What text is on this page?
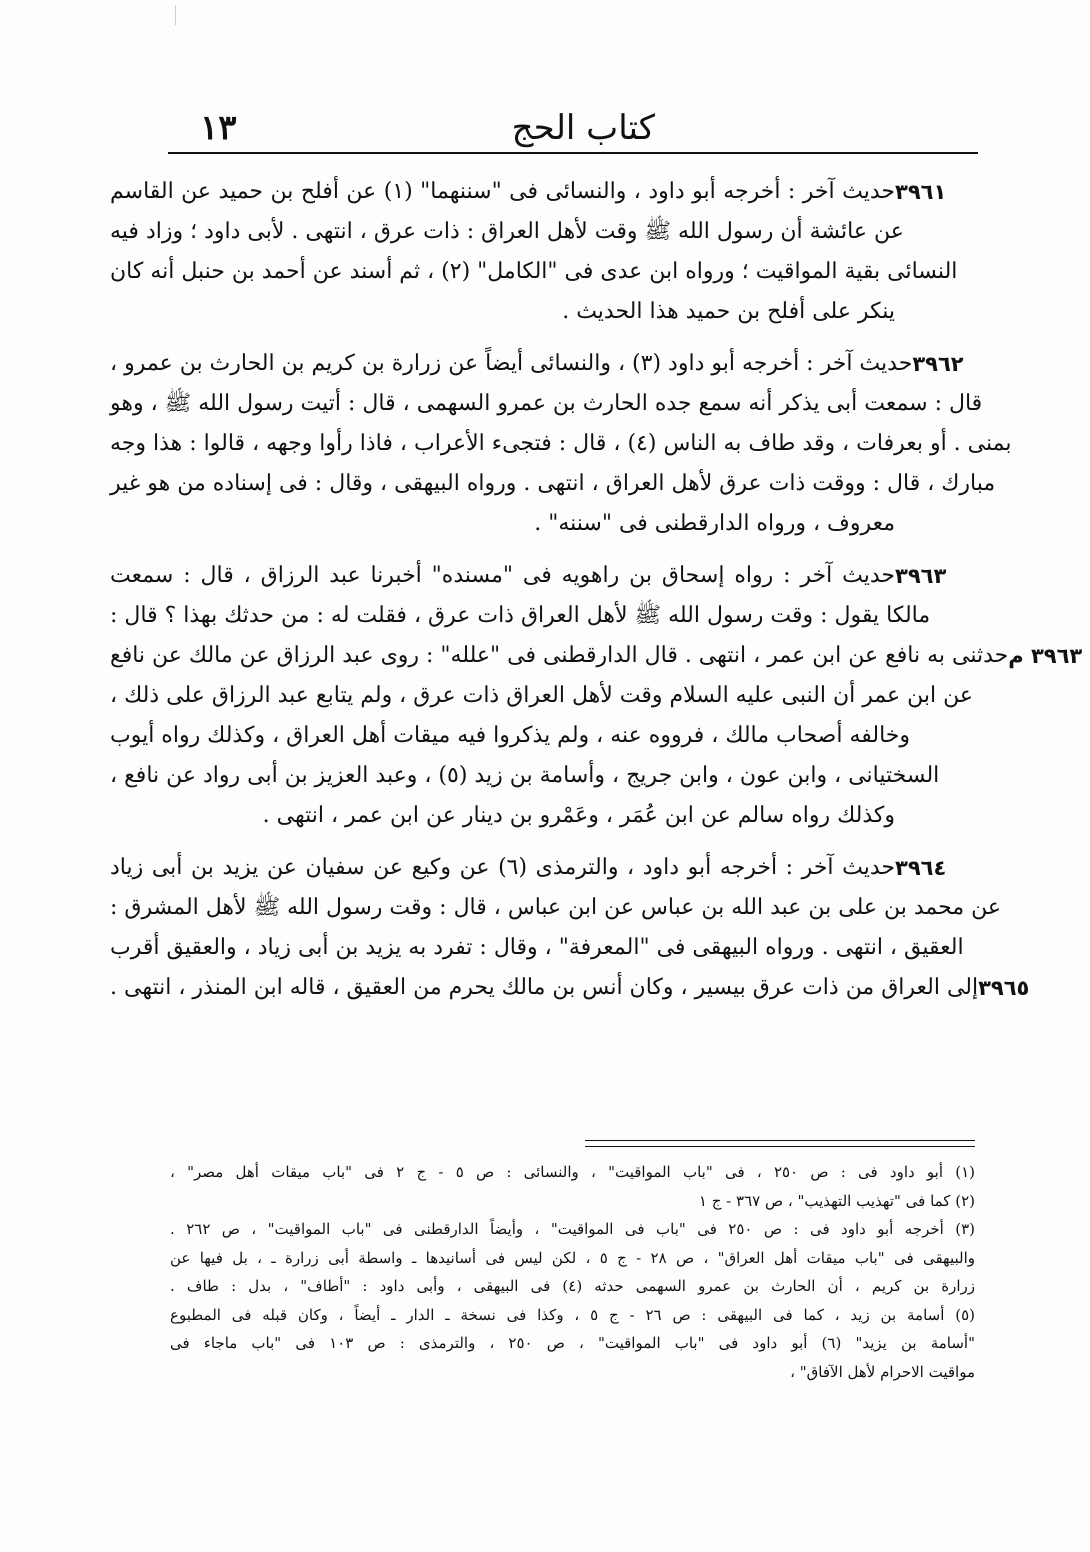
١٣	كتاب الحج
حديث آخر : أخرجه أبو داود ، والنسائى فى "سننهما" (١) عن أفلح بن حميد عن القاسم ٣٩٦١
عن عائشة أن رسول الله ﷺ وقت لأهل العراق : ذات عرق ، انتهى . لأبى داود ؛ وزاد فيه
النسائى بقية المواقيت ؛ ورواه ابن عدى فى "الكامل" (٢) ، ثم أسند عن أحمد بن حنبل أنه كان
ينكر على أفلح بن حميد هذا الحديث .
حديث آخر : أخرجه أبو داود (٣) ، والنسائى أيضاً عن زرارة بن كريم بن الحارث بن عمرو ، ٣٩٦٢
قال : سمعت أبى يذكر أنه سمع جده الحارث بن عمرو السهمى ، قال : أتيت رسول الله ﷺ ، وهو
بمنى . أو بعرفات ، وقد طاف به الناس (٤) ، قال : فتجىء الأعراب ، فاذا رأوا وجهه ، قالوا : هذا وجه
مبارك ، قال : ووقت ذات عرق لأهل العراق ، انتهى . ورواه البيهقى ، وقال : فى إسناده من هو غير
معروف ، ورواه الدارقطنى فى "سننه" .
حديث آخر : رواه إسحاق بن راهويه فى "مسنده" أخبرنا عبد الرزاق ، قال : سمعت ٣٩٦٣
مالكا يقول : وقت رسول الله ﷺ لأهل العراق ذات عرق ، فقلت له : من حدثك بهذا ؟ قال :
حدثنى به نافع عن ابن عمر ، انتهى . قال الدارقطنى فى "علله" : روى عبد الرزاق عن مالك عن نافع ٣٩٦٣ م
عن ابن عمر أن النبى عليه السلام وقت لأهل العراق ذات عرق ، ولم يتابع عبد الرزاق على ذلك ،
وخالفه أصحاب مالك ، فرووه عنه ، ولم يذكروا فيه ميقات أهل العراق ، وكذلك رواه أيوب
السختيانى ، وابن عون ، وابن جريج ، وأسامة بن زيد (٥) ، وعبد العزيز بن أبى رواد عن نافع ،
وكذلك رواه سالم عن ابن عُمَر ، وعَمْرو بن دينار عن ابن عمر ، انتهى .
حديث آخر : أخرجه أبو داود ، والترمذى (٦) عن وكيع عن سفيان عن يزيد بن أبى زياد ٣٩٦٤
عن محمد بن على بن عبد الله بن عباس عن ابن عباس ، قال : وقت رسول الله ﷺ لأهل المشرق :
العقيق ، انتهى . ورواه البيهقى فى "المعرفة" ، وقال : تفرد به يزيد بن أبى زياد ، والعقيق أقرب
إلى العراق من ذات عرق بيسير ، وكان أنس بن مالك يحرم من العقيق ، قاله ابن المنذر ، انتهى . ٣٩٦٥
(١) أبو داود فى : ص ٢٥٠ ، فى "باب المواقيت" ، والنسائى : ص ٥ - ج ٢ فى "باب ميقات أهل مصر" ،
(٢) كما فى "تهذيب التهذيب" ، ص ٣٦٧ - ج ١
(٣) أخرجه أبو داود فى : ص ٢٥٠ فى "باب فى المواقيت" ، وأيضاً الدارقطنى فى "باب المواقيت" ، ص ٢٦٢ .
والبيهقى فى "باب ميقات أهل العراق" ، ص ٢٨ - ج ٥ ، لكن ليس فى أسانيدها ـ واسطة أبى زرارة ـ ، بل فيها عن
زرارة بن كريم ، أن الحارث بن عمرو السهمى حدثه (٤) فى البيهقى ، وأبى داود : "أطاف" ، بدل : طاف .
(٥) أسامة بن زيد ، كما فى البيهقى : ص ٢٦ - ج ٥ ، وكذا فى نسخة ـ الدار ـ أيضاً ، وكان قبله فى المطبوع
"أسامة بن يزيد" (٦) أبو داود فى "باب المواقيت" ، ص ٢٥٠ ، والترمذى : ص ١٠٣ فى "باب ماجاء فى
مواقيت الاحرام لأهل الآفاق" ،
